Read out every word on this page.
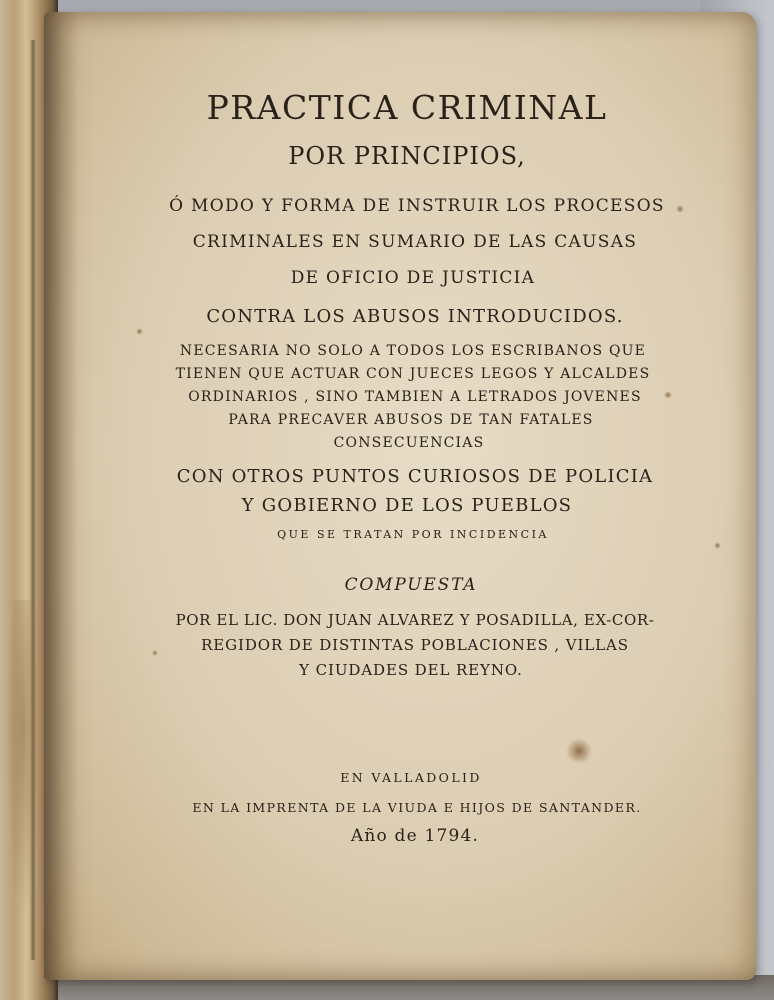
PRACTICA CRIMINAL
POR PRINCIPIOS,
Ó MODO Y FORMA DE INSTRUIR LOS PROCESOS
CRIMINALES EN SUMARIO DE LAS CAUSAS
DE OFICIO DE JUSTICIA
CONTRA LOS ABUSOS INTRODUCIDOS.
NECESARIA NO SOLO A TODOS LOS ESCRIBANOS QUE
TIENEN QUE ACTUAR CON JUECES LEGOS Y ALCALDES
ORDINARIOS , SINO TAMBIEN A LETRADOS JOVENES
PARA PRECAVER ABUSOS DE TAN FATALES
CONSECUENCIAS
CON OTROS PUNTOS CURIOSOS DE POLICIA
Y GOBIERNO DE LOS PUEBLOS
QUE SE TRATAN POR INCIDENCIA
COMPUESTA
POR EL LIC. DON JUAN ALVAREZ Y POSADILLA, EX-COR-
REGIDOR DE DISTINTAS POBLACIONES , VILLAS
Y CIUDADES DEL REYNO.
EN VALLADOLID
EN LA IMPRENTA DE LA VIUDA E HIJOS DE SANTANDER.
Año de 1794.
